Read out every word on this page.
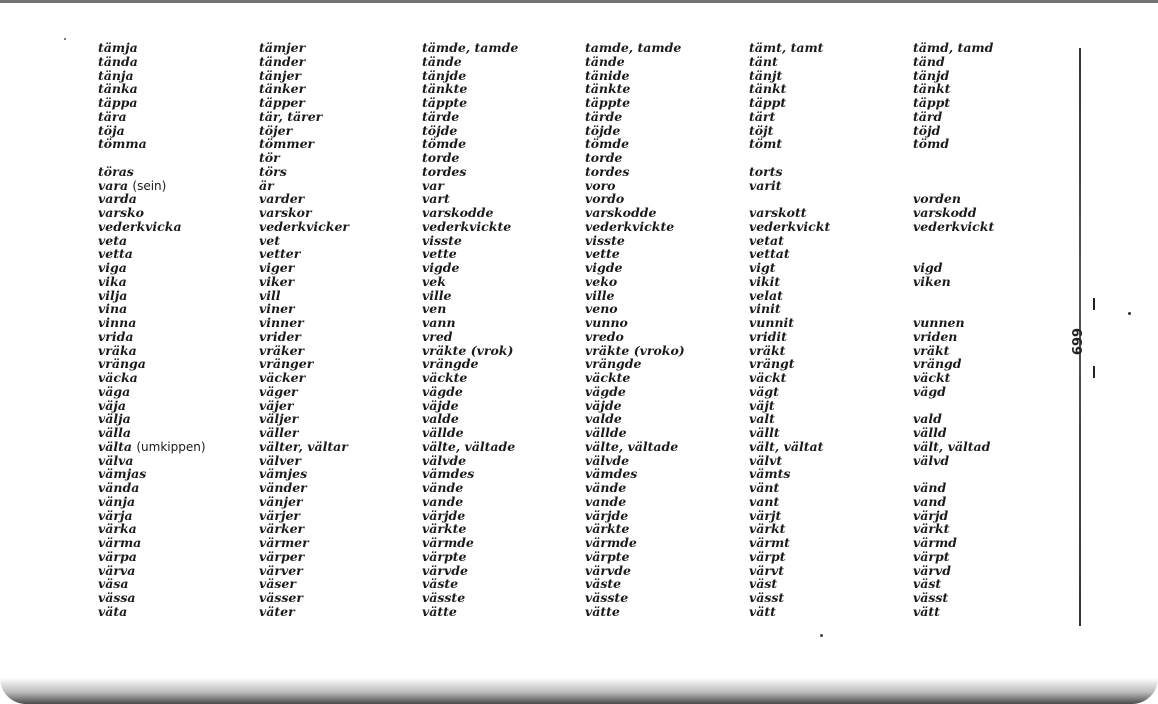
tämja
tända
tänja
tänka
täppa
tära
töja
tömma
töras
vara (sein)
varda
varsko
vederkvicka
veta
vetta
viga
vika
vilja
vina
vinna
vrida
vräka
vränga
väcka
väga
väja
välja
välla
välta (umkippen)
välva
vämjas
vända
vänja
värja
värka
värma
värpa
värva
väsa
vässa
väta
tämjer
tänder
tänjer
tänker
täpper
tär, tärer
töjer
tömmer
tör
törs
är
varder
varskor
vederkvicker
vet
vetter
viger
viker
vill
viner
vinner
vrider
vräker
vränger
väcker
väger
väjer
väljer
väller
välter, vältar
välver
vämjes
vänder
vänjer
värjer
värker
värmer
värper
värver
väser
vässer
väter
tämde, tamde
tände
tänjde
tänkte
täppte
tärde
töjde
tömde
torde
tordes
var
vart
varskodde
vederkvickte
visste
vette
vigde
vek
ville
ven
vann
vred
vräkte (vrok)
vrängde
väckte
vägde
väjde
valde
vällde
välte, vältade
välvde
vämdes
vände
vande
värjde
värkte
värmde
värpte
värvde
väste
vässte
vätte
tamde, tamde
tände
tänide
tänkte
täppte
tärde
töjde
tömde
torde
tordes
voro
vordo
varskodde
vederkvickte
visste
vette
vigde
veko
ville
veno
vunno
vredo
vräkte (vroko)
vrängde
väckte
vägde
väjde
valde
vällde
välte, vältade
välvde
vämdes
vände
vande
värjde
värkte
värmde
värpte
värvde
väste
vässte
vätte
tämt, tamt
tänt
tänjt
tänkt
täppt
tärt
töjt
tömt
torts
varit
varskott
vederkvickt
vetat
vettat
vigt
vikit
velat
vinit
vunnit
vridit
vräkt
vrängt
väckt
vägt
väjt
valt
vällt
vält, vältat
välvt
vämts
vänt
vant
värjt
värkt
värmt
värpt
värvt
väst
vässt
vätt
tämd, tamd
tänd
tänjd
tänkt
täppt
tärd
töjd
tömd
vorden
varskodd
vederkvickt
vigd
viken
vunnen
vriden
vräkt
vrängd
väckt
vägd
vald
välld
vält, vältad
välvd
vänd
vand
värjd
värkt
värmd
värpt
värvd
väst
vässt
vätt
669
